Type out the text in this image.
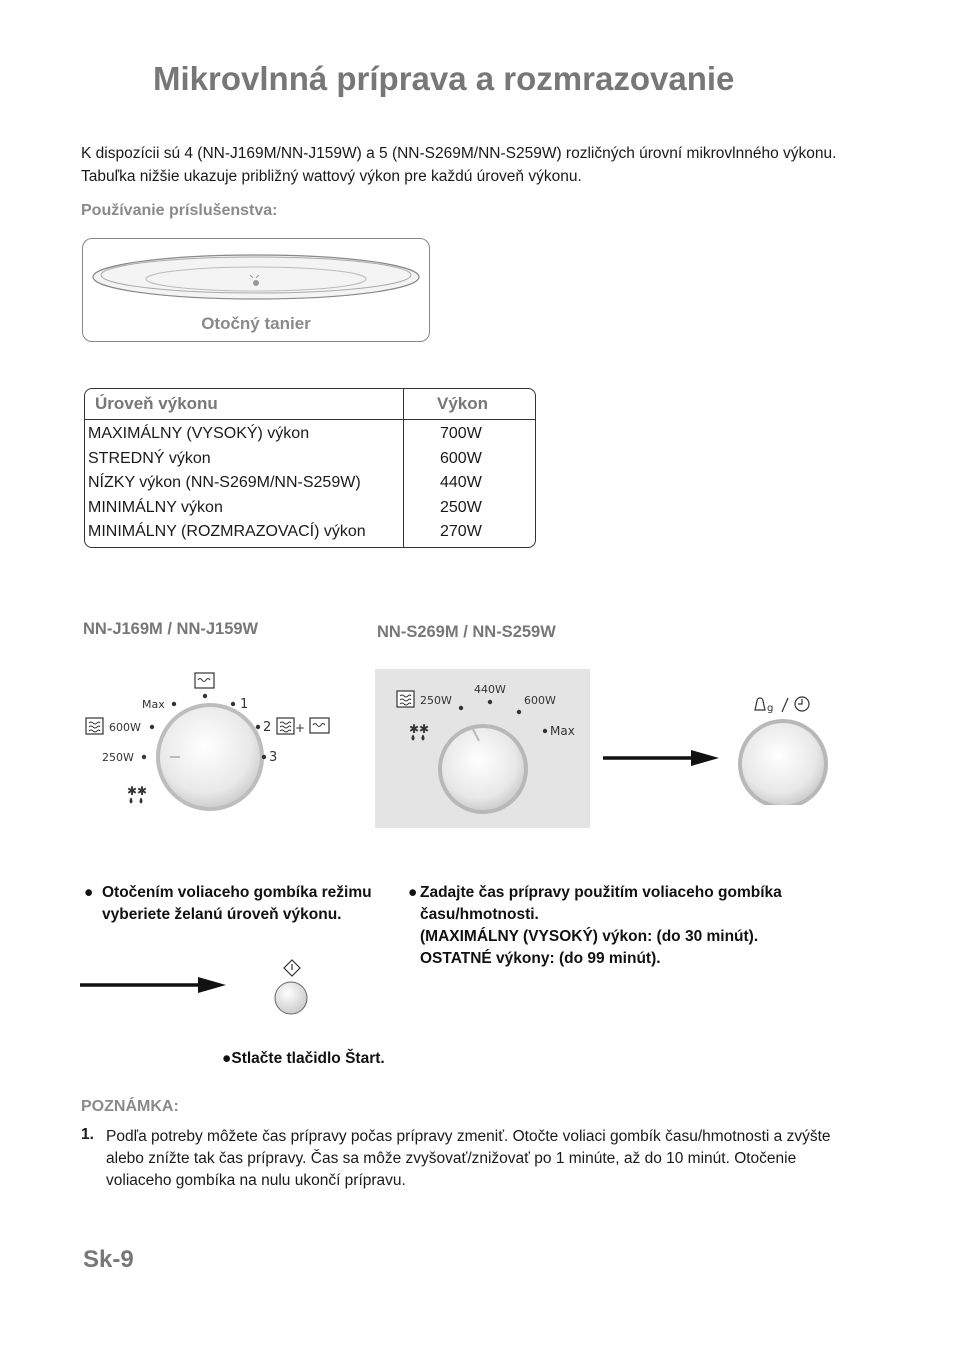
Mikrovlnná príprava a rozmrazovanie
K dispozícii sú 4 (NN-J169M/NN-J159W) a 5 (NN-S269M/NN-S259W) rozličných úrovní mikrovlnného výkonu. Tabuľka nižšie ukazuje približný wattový výkon pre každú úroveň výkonu.
Používanie príslušenstva:
Otočný tanier
Úroveň výkonu	Výkon
MAXIMÁLNY (VYSOKÝ) výkon	700W
STREDNÝ výkon	600W
NÍZKY výkon (NN-S269M/NN-S259W)	440W
MINIMÁLNY výkon	250W
MINIMÁLNY (ROZMRAZOVACÍ) výkon	270W
NN-J169M / NN-J159W	NN-S269M / NN-S259W
Max	1
600W	2 +
250W	3
✱✱
250W
440W
600W
Max
✱✱
g
● Otočením voliaceho gombíka režimu vyberiete želanú úroveň výkonu.
● Zadajte čas prípravy použitím voliaceho gombíka času/hmotnosti.
(MAXIMÁLNY (VYSOKÝ) výkon: (do 30 minút).
OSTATNÉ výkony: (do 99 minút).
●Stlačte tlačidlo Štart.
POZNÁMKA:
1. Podľa potreby môžete čas prípravy počas prípravy zmeniť. Otočte voliaci gombík času/hmotnosti a zvýšte alebo znížte tak čas prípravy. Čas sa môže zvyšovať/znižovať po 1 minúte, až do 10 minút. Otočenie voliaceho gombíka na nulu ukončí prípravu.
Sk-9
